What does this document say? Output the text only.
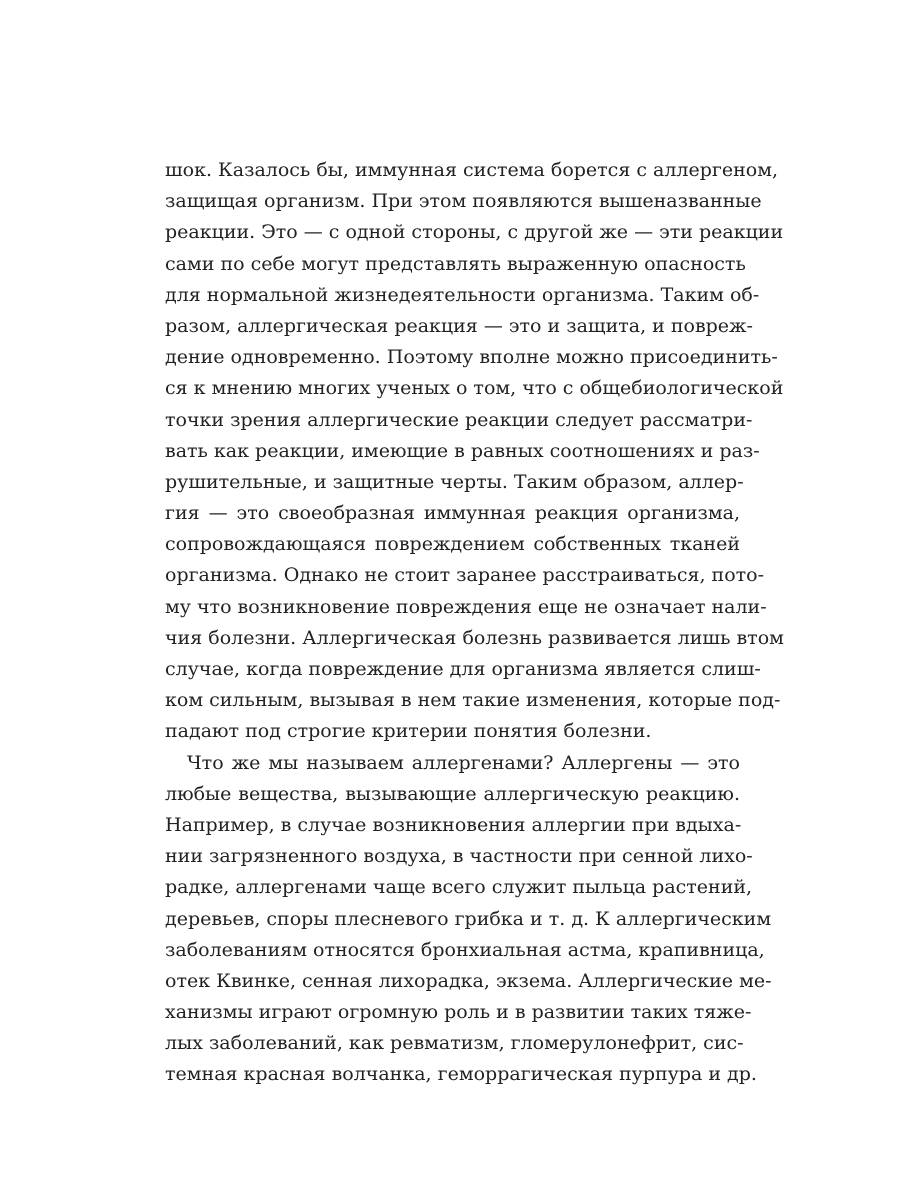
шок. Казалось бы, иммунная система борется с аллергеном,
защищая организм. При этом появляются вышеназванные
реакции. Это — с одной стороны, с другой же — эти реакции
сами по себе могут представлять выраженную опасность
для нормальной жизнедеятельности организма. Таким об-
разом, аллергическая реакция — это и защита, и повреж-
дение одновременно. Поэтому вполне можно присоединить-
ся к мнению многих ученых о том, что с общебиологической
точки зрения аллергические реакции следует рассматри-
вать как реакции, имеющие в равных соотношениях и раз-
рушительные, и защитные черты. Таким образом, аллер-
гия — это своеобразная иммунная реакция организма,
сопровождающаяся повреждением собственных тканей
организма. Однако не стоит заранее расстраиваться, пото-
му что возникновение повреждения еще не означает нали-
чия болезни. Аллергическая болезнь развивается лишь втом
случае, когда повреждение для организма является слиш-
ком сильным, вызывая в нем такие изменения, которые под-
падают под строгие критерии понятия болезни.
Что же мы называем аллергенами? Аллергены — это
любые вещества, вызывающие аллергическую реакцию.
Например, в случае возникновения аллергии при вдыха-
нии загрязненного воздуха, в частности при сенной лихо-
радке, аллергенами чаще всего служит пыльца растений,
деревьев, споры плесневого грибка и т. д. К аллергическим
заболеваниям относятся бронхиальная астма, крапивница,
отек Квинке, сенная лихорадка, экзема. Аллергические ме-
ханизмы играют огромную роль и в развитии таких тяже-
лых заболеваний, как ревматизм, гломерулонефрит, сис-
темная красная волчанка, геморрагическая пурпура и др.
